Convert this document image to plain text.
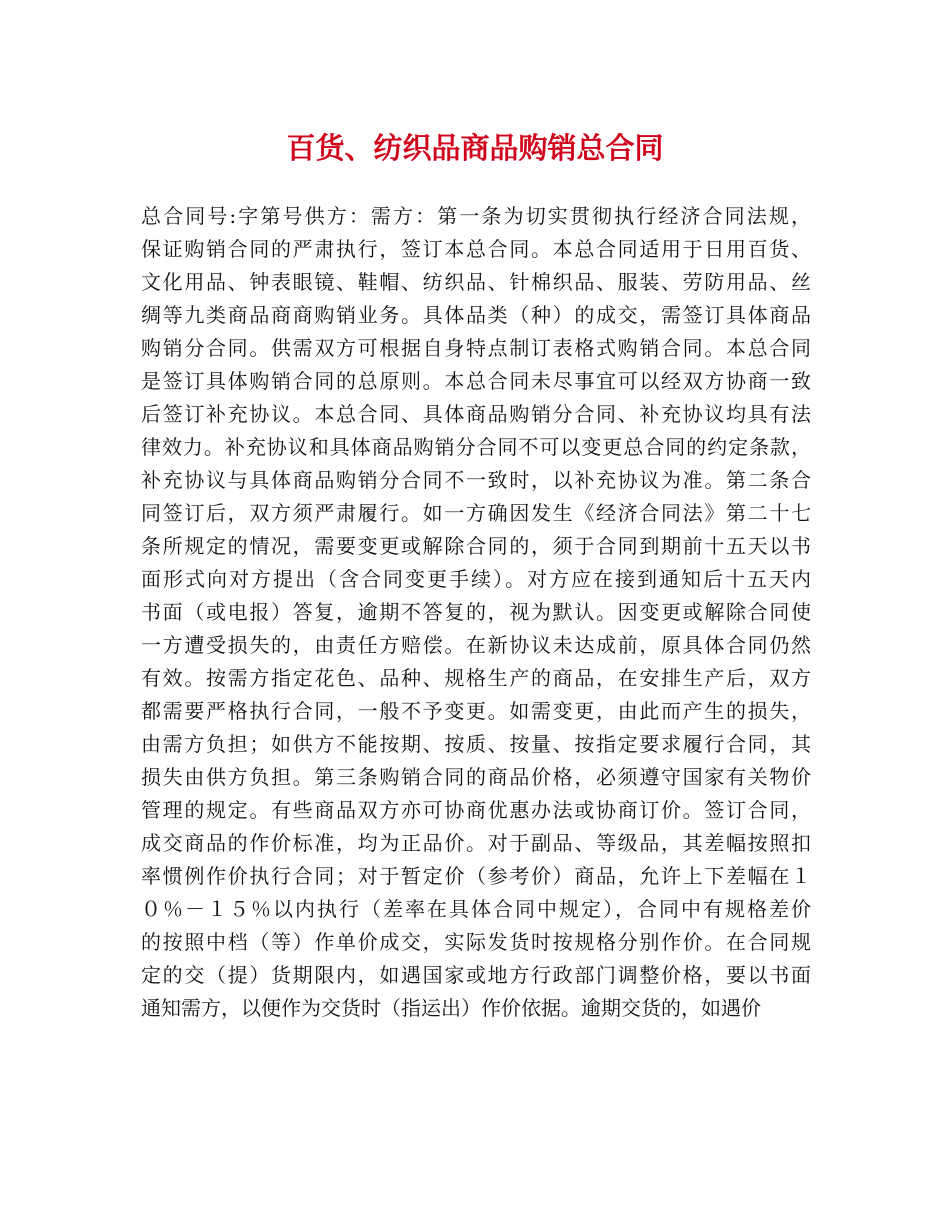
百货、纺织品商品购销总合同
总合同号:字第号供方：需方：第一条为切实贯彻执行经济合同法规，
保证购销合同的严肃执行，签订本总合同。本总合同适用于日用百货、
文化用品、钟表眼镜、鞋帽、纺织品、针棉织品、服装、劳防用品、丝
绸等九类商品商商购销业务。具体品类（种）的成交，需签订具体商品
购销分合同。供需双方可根据自身特点制订表格式购销合同。本总合同
是签订具体购销合同的总原则。本总合同未尽事宜可以经双方协商一致
后签订补充协议。本总合同、具体商品购销分合同、补充协议均具有法
律效力。补充协议和具体商品购销分合同不可以变更总合同的约定条款，
补充协议与具体商品购销分合同不一致时，以补充协议为准。第二条合
同签订后，双方须严肃履行。如一方确因发生《经济合同法》第二十七
条所规定的情况，需要变更或解除合同的，须于合同到期前十五天以书
面形式向对方提出（含合同变更手续）。对方应在接到通知后十五天内
书面（或电报）答复，逾期不答复的，视为默认。因变更或解除合同使
一方遭受损失的，由责任方赔偿。在新协议未达成前，原具体合同仍然
有效。按需方指定花色、品种、规格生产的商品，在安排生产后，双方
都需要严格执行合同，一般不予变更。如需变更，由此而产生的损失，
由需方负担；如供方不能按期、按质、按量、按指定要求履行合同，其
损失由供方负担。第三条购销合同的商品价格，必须遵守国家有关物价
管理的规定。有些商品双方亦可协商优惠办法或协商订价。签订合同，
成交商品的作价标准，均为正品价。对于副品、等级品，其差幅按照扣
率惯例作价执行合同；对于暂定价（参考价）商品，允许上下差幅在１
０％－１５％以内执行（差率在具体合同中规定），合同中有规格差价
的按照中档（等）作单价成交，实际发货时按规格分别作价。在合同规
定的交（提）货期限内，如遇国家或地方行政部门调整价格，要以书面
通知需方，以便作为交货时（指运出）作价依据。逾期交货的，如遇价
